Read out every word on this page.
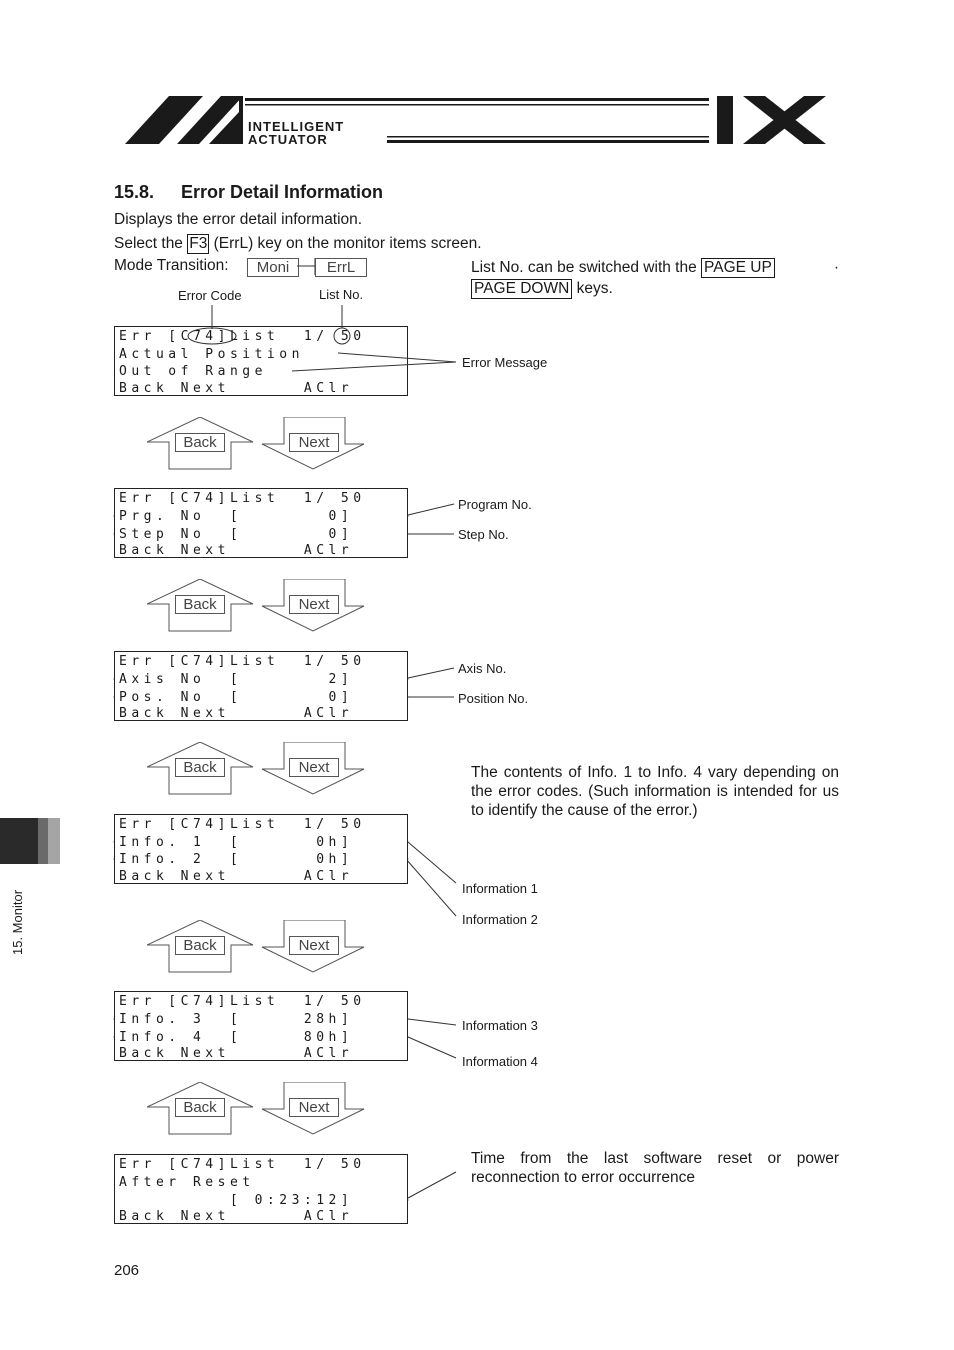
INTELLIGENT
ACTUATOR
15.8. Error Detail Information
Displays the error detail information.
Select the F3 (ErrL) key on the monitor items screen.
Mode Transition:	Moni	ErrL	List No. can be switched with the PAGE UP	·
PAGE DOWN keys.
Error Code	List No.
Err [C74]List  1/ 50
Actual Position
Out of Range
Back Next      AClr
Error Message
Back	Next
Err [C74]List  1/ 50
Prg. No  [       0]
Step No  [       0]
Back Next      AClr
Program No.
Step No.
Back	Next
Err [C74]List  1/ 50
Axis No  [       2]
Pos. No  [       0]
Back Next      AClr
Axis No.
Position No.
Back	Next	The contents of Info. 1 to Info. 4 vary depending on the error codes. (Such information is intended for us to identify the cause of the error.)
Err [C74]List  1/ 50
Info. 1  [      0h]
Info. 2  [      0h]
Back Next      AClr
Information 1
Information 2
15. Monitor	Back	Next
Err [C74]List  1/ 50
Info. 3  [     28h]
Info. 4  [     80h]
Back Next      AClr
Information 3
Information 4
Back	Next
Err [C74]List  1/ 50
After Reset
[ 0:23:12]
Back Next      AClr
Time from the last software reset or power reconnection to error occurrence
206
